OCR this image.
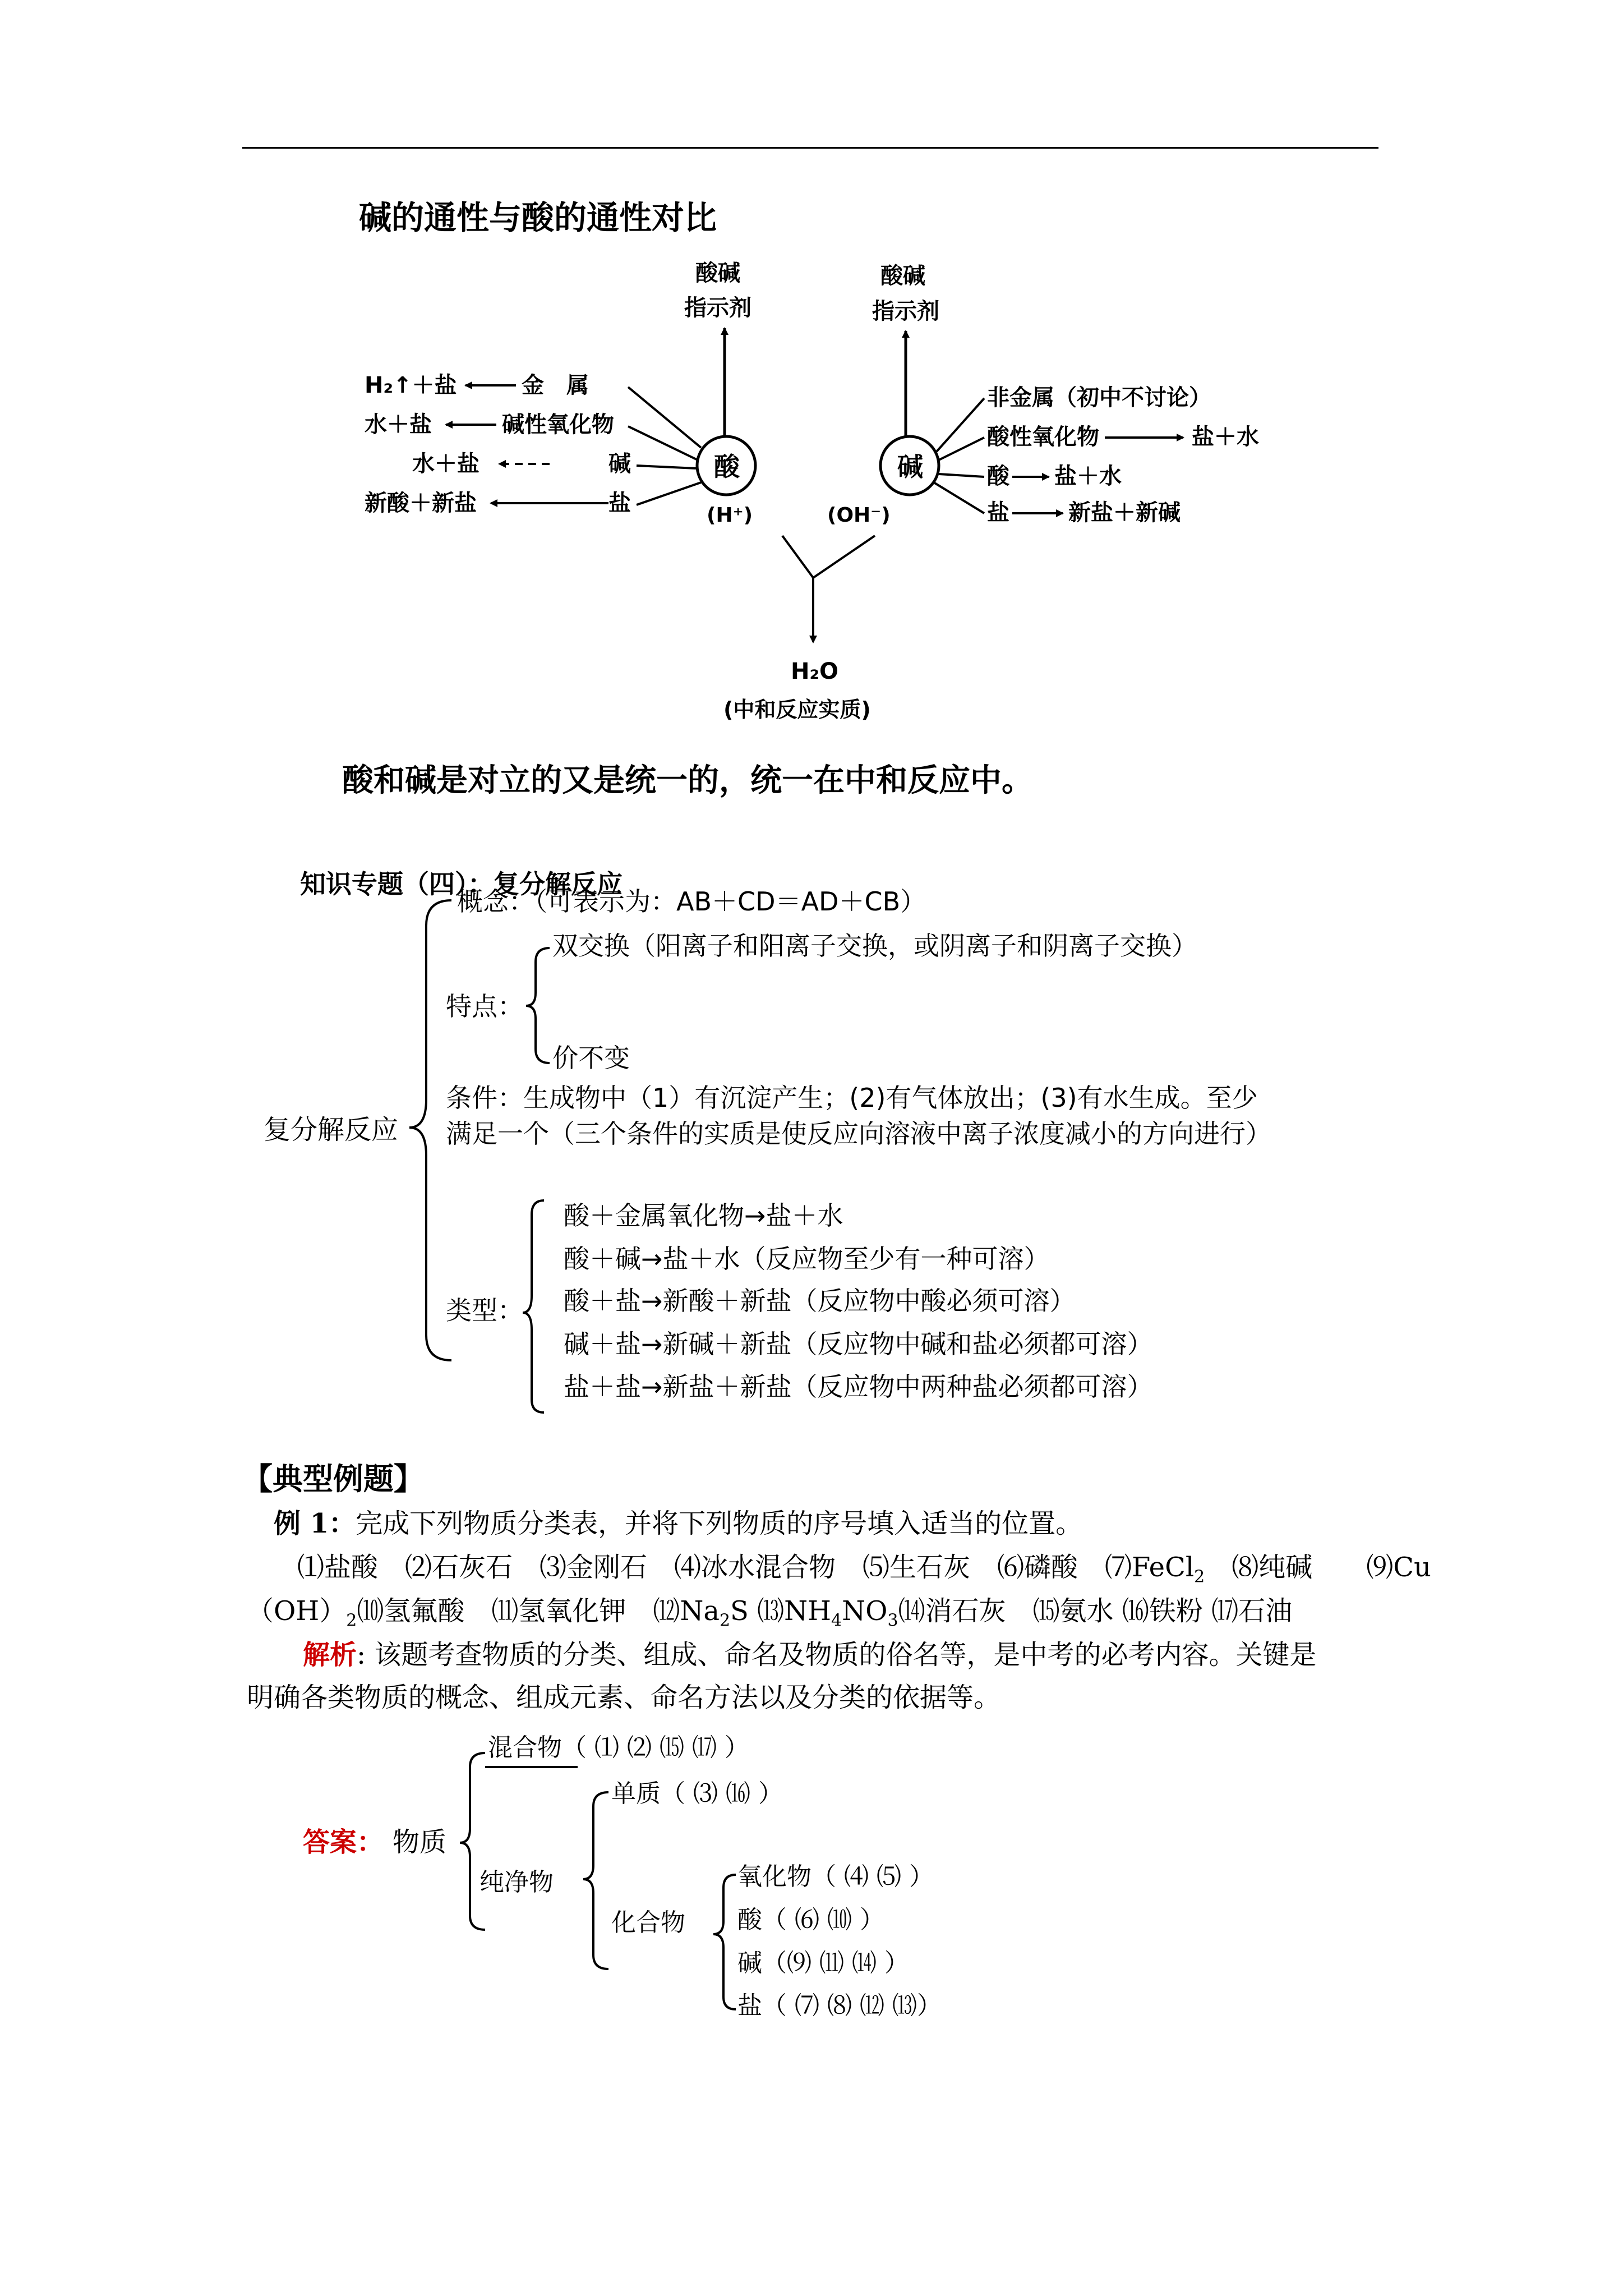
碱的通性与酸的通性对比
酸	碱
酸碱
指示剂
酸碱
指示剂
H₂↑＋盐	金　属
水＋盐	碱性氧化物
水＋盐	碱
新酸＋新盐	盐
非金属（初中不讨论）
酸性氧化物	盐＋水
酸 盐＋水
盐	新盐＋新碱
(H⁺)	(OH⁻)
H₂O
(中和反应实质)
酸和碱是对立的又是统一的，统一在中和反应中。
知识专题（四）：复分解反应
复分解反应
概念：（可表示为：AB＋CD＝AD＋CB）
特点：
双交换（阳离子和阳离子交换，或阴离子和阴离子交换）
价不变
条件：生成物中（1）有沉淀产生；(2)有气体放出；(3)有水生成。至少
满足一个（三个条件的实质是使反应向溶液中离子浓度减小的方向进行）
类型：
酸＋金属氧化物→盐＋水
酸＋碱→盐＋水（反应物至少有一种可溶）
酸＋盐→新酸＋新盐（反应物中酸必须可溶）
碱＋盐→新碱＋新盐（反应物中碱和盐必须都可溶）
盐＋盐→新盐＋新盐（反应物中两种盐必须都可溶）
【典型例题】
例 1：完成下列物质分类表，并将下列物质的序号填入适当的位置。
⑴盐酸　⑵石灰石　⑶金刚石　⑷冰水混合物　⑸生石灰　⑹磷酸　⑺FeCl$_2$　⑻纯碱　　⑼Cu
$(OH)_2⑽$氢氟酸　⑾氢氧化钾　$⑿Na_2S$ $⒀NH_4NO_3⒁$消石灰　⒂氨水 ⒃铁粉 ⒄石油
解析: 该题考查物质的分类、组成、命名及物质的俗名等，是中考的必考内容。关键是
明确各类物质的概念、组成元素、命名方法以及分类的依据等。
答案： 物质
混合物（ ⑴ ⑵ ⒂ ⒄ ）
纯净物
单质（ ⑶ ⒃ ）
化合物
氧化物（ ⑷ ⑸ ）
酸（ ⑹ ⑽ ）
碱（⑼ ⑾ ⒁ ）
盐（ ⑺ ⑻ ⑿ ⒀）
